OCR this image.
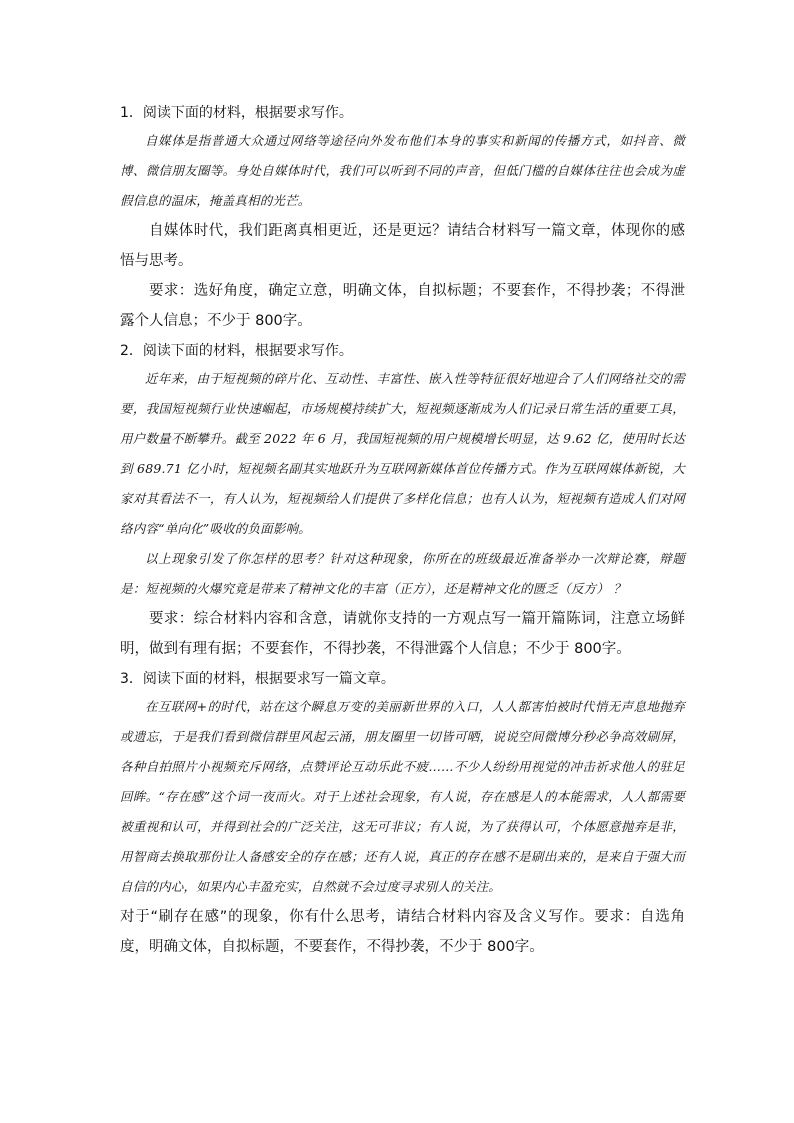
1．阅读下面的材料，根据要求写作。

自媒体是指普通大众通过网络等途径向外发布他们本身的事实和新闻的传播方式，如抖音、微博、微信朋友圈等。身处自媒体时代，我们可以听到不同的声音，但低门槛的自媒体往往也会成为虚假信息的温床，掩盖真相的光芒。

自媒体时代，我们距离真相更近，还是更远？请结合材料写一篇文章，体现你的感悟与思考。

要求：选好角度，确定立意，明确文体，自拟标题；不要套作，不得抄袭；不得泄露个人信息；不少于 800字。

2．阅读下面的材料，根据要求写作。

近年来，由于短视频的碎片化、互动性、丰富性、嵌入性等特征很好地迎合了人们网络社交的需要，我国短视频行业快速崛起，市场规模持续扩大，短视频逐渐成为人们记录日常生活的重要工具，用户数量不断攀升。截至 2022 年 6 月，我国短视频的用户规模增长明显，达 9.62 亿，使用时长达到 689.71 亿小时，短视频名副其实地跃升为互联网新媒体首位传播方式。作为互联网媒体新锐，大家对其看法不一，有人认为，短视频给人们提供了多样化信息；也有人认为，短视频有造成人们对网络内容“单向化”吸收的负面影响。

以上现象引发了你怎样的思考？针对这种现象，你所在的班级最近准备举办一次辩论赛，辩题是：短视频的火爆究竟是带来了精神文化的丰富（正方），还是精神文化的匮乏（反方） ？

要求：综合材料内容和含意，请就你支持的一方观点写一篇开篇陈词，注意立场鲜明，做到有理有据；不要套作，不得抄袭，不得泄露个人信息；不少于 800字。

3．阅读下面的材料，根据要求写一篇文章。

在互联网+的时代，站在这个瞬息万变的美丽新世界的入口，人人都害怕被时代悄无声息地抛弃或遗忘，于是我们看到微信群里风起云涌，朋友圈里一切皆可晒，说说空间微博分秒必争高效刷屏，各种自拍照片小视频充斥网络，点赞评论互动乐此不疲……不少人纷纷用视觉的冲击祈求他人的驻足回眸。“存在感”这个词一夜而火。对于上述社会现象，有人说，存在感是人的本能需求，人人都需要被重视和认可，并得到社会的广泛关注，这无可非议；有人说，为了获得认可，个体愿意抛弃是非，用智商去换取那份让人备感安全的存在感；还有人说，真正的存在感不是刷出来的，是来自于强大而自信的内心，如果内心丰盈充实，自然就不会过度寻求别人的关注。

对于“刷存在感”的现象，你有什么思考，请结合材料内容及含义写作。要求：自选角度，明确文体，自拟标题，不要套作，不得抄袭，不少于 800字。
